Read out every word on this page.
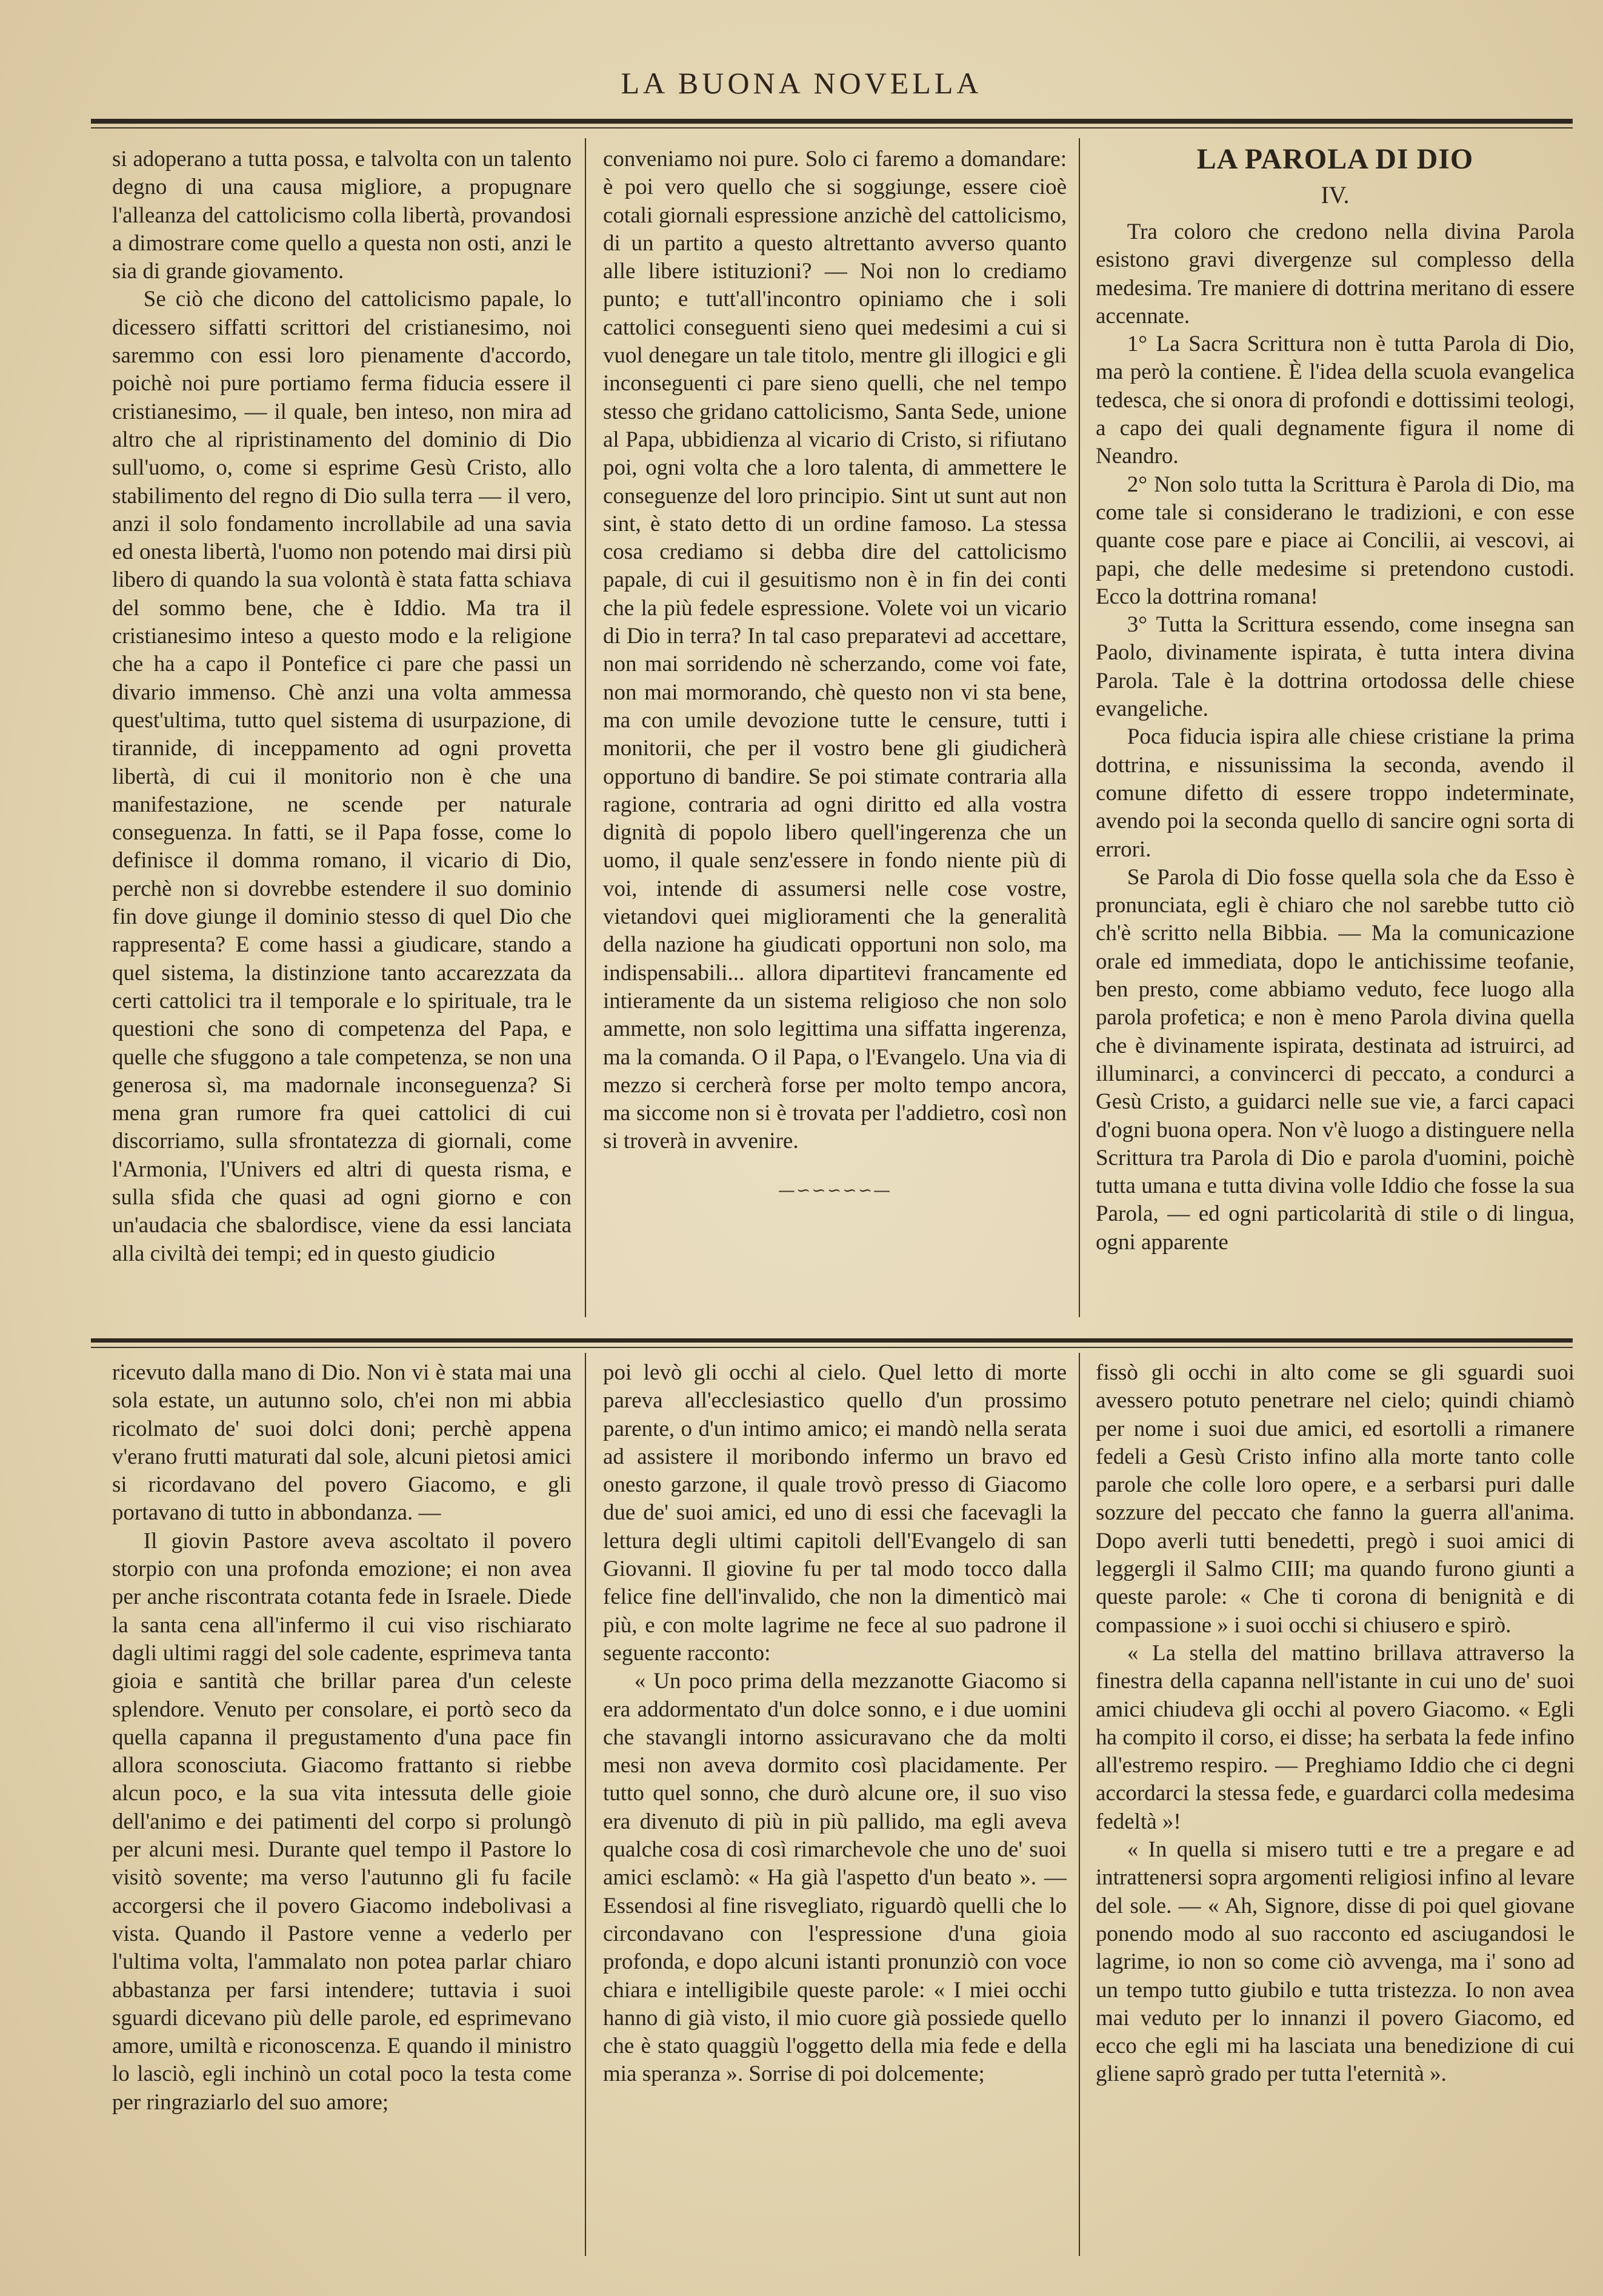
LA BUONA NOVELLA

si adoperano a tutta possa, e talvolta con un talento degno di una causa migliore, a propugnare l'alleanza del cattolicismo colla libertà, provandosi a dimostrare come quello a questa non osti, anzi le sia di grande giovamento.

Se ciò che dicono del cattolicismo papale, lo dicessero siffatti scrittori del cristianesimo, noi saremmo con essi loro pienamente d'accordo, poichè noi pure portiamo ferma fiducia essere il cristianesimo, — il quale, ben inteso, non mira ad altro che al ripristinamento del dominio di Dio sull'uomo, o, come si esprime Gesù Cristo, allo stabilimento del regno di Dio sulla terra — il vero, anzi il solo fondamento incrollabile ad una savia ed onesta libertà, l'uomo non potendo mai dirsi più libero di quando la sua volontà è stata fatta schiava del sommo bene, che è Iddio. Ma tra il cristianesimo inteso a questo modo e la religione che ha a capo il Pontefice ci pare che passi un divario immenso. Chè anzi una volta ammessa quest'ultima, tutto quel sistema di usurpazione, di tirannide, di inceppamento ad ogni provetta libertà, di cui il monitorio non è che una manifestazione, ne scende per naturale conseguenza. In fatti, se il Papa fosse, come lo definisce il domma romano, il vicario di Dio, perchè non si dovrebbe estendere il suo dominio fin dove giunge il dominio stesso di quel Dio che rappresenta? E come hassi a giudicare, stando a quel sistema, la distinzione tanto accarezzata da certi cattolici tra il temporale e lo spirituale, tra le questioni che sono di competenza del Papa, e quelle che sfuggono a tale competenza, se non una generosa sì, ma madornale inconseguenza? Si mena gran rumore fra quei cattolici di cui discorriamo, sulla sfrontatezza di giornali, come l'Armonia, l'Univers ed altri di questa risma, e sulla sfida che quasi ad ogni giorno e con un'audacia che sbalordisce, viene da essi lanciata alla civiltà dei tempi; ed in questo giudicio

conveniamo noi pure. Solo ci faremo a domandare: è poi vero quello che si soggiunge, essere cioè cotali giornali espressione anzichè del cattolicismo, di un partito a questo altrettanto avverso quanto alle libere istituzioni? — Noi non lo crediamo punto; e tutt'all'incontro opiniamo che i soli cattolici conseguenti sieno quei medesimi a cui si vuol denegare un tale titolo, mentre gli illogici e gli inconseguenti ci pare sieno quelli, che nel tempo stesso che gridano cattolicismo, Santa Sede, unione al Papa, ubbidienza al vicario di Cristo, si rifiutano poi, ogni volta che a loro talenta, di ammettere le conseguenze del loro principio. Sint ut sunt aut non sint, è stato detto di un ordine famoso. La stessa cosa crediamo si debba dire del cattolicismo papale, di cui il gesuitismo non è in fin dei conti che la più fedele espressione. Volete voi un vicario di Dio in terra? In tal caso preparatevi ad accettare, non mai sorridendo nè scherzando, come voi fate, non mai mormorando, chè questo non vi sta bene, ma con umile devozione tutte le censure, tutti i monitorii, che per il vostro bene gli giudicherà opportuno di bandire. Se poi stimate contraria alla ragione, contraria ad ogni diritto ed alla vostra dignità di popolo libero quell'ingerenza che un uomo, il quale senz'essere in fondo niente più di voi, intende di assumersi nelle cose vostre, vietandovi quei miglioramenti che la generalità della nazione ha giudicati opportuni non solo, ma indispensabili... allora dipartitevi francamente ed intieramente da un sistema religioso che non solo ammette, non solo legittima una siffatta ingerenza, ma la comanda. O il Papa, o l'Evangelo. Una via di mezzo si cercherà forse per molto tempo ancora, ma siccome non si è trovata per l'addietro, così non si troverà in avvenire.

—∽∽∽∽∽—
LA PAROLA DI DIO
IV.

Tra coloro che credono nella divina Parola esistono gravi divergenze sul complesso della medesima. Tre maniere di dottrina meritano di essere accennate.

1° La Sacra Scrittura non è tutta Parola di Dio, ma però la contiene. È l'idea della scuola evangelica tedesca, che si onora di profondi e dottissimi teologi, a capo dei quali degnamente figura il nome di Neandro.

2° Non solo tutta la Scrittura è Parola di Dio, ma come tale si considerano le tradizioni, e con esse quante cose pare e piace ai Concilii, ai vescovi, ai papi, che delle medesime si pretendono custodi. Ecco la dottrina romana!

3° Tutta la Scrittura essendo, come insegna san Paolo, divinamente ispirata, è tutta intera divina Parola. Tale è la dottrina ortodossa delle chiese evangeliche.

Poca fiducia ispira alle chiese cristiane la prima dottrina, e nissunissima la seconda, avendo il comune difetto di essere troppo indeterminate, avendo poi la seconda quello di sancire ogni sorta di errori.

Se Parola di Dio fosse quella sola che da Esso è pronunciata, egli è chiaro che nol sarebbe tutto ciò ch'è scritto nella Bibbia. — Ma la comunicazione orale ed immediata, dopo le antichissime teofanie, ben presto, come abbiamo veduto, fece luogo alla parola profetica; e non è meno Parola divina quella che è divinamente ispirata, destinata ad istruirci, ad illuminarci, a convincerci di peccato, a condurci a Gesù Cristo, a guidarci nelle sue vie, a farci capaci d'ogni buona opera. Non v'è luogo a distinguere nella Scrittura tra Parola di Dio e parola d'uomini, poichè tutta umana e tutta divina volle Iddio che fosse la sua Parola, — ed ogni particolarità di stile o di lingua, ogni apparente

ricevuto dalla mano di Dio. Non vi è stata mai una sola estate, un autunno solo, ch'ei non mi abbia ricolmato de' suoi dolci doni; perchè appena v'erano frutti maturati dal sole, alcuni pietosi amici si ricordavano del povero Giacomo, e gli portavano di tutto in abbondanza. —

Il giovin Pastore aveva ascoltato il povero storpio con una profonda emozione; ei non avea per anche riscontrata cotanta fede in Israele. Diede la santa cena all'infermo il cui viso rischiarato dagli ultimi raggi del sole cadente, esprimeva tanta gioia e santità che brillar parea d'un celeste splendore. Venuto per consolare, ei portò seco da quella capanna il pregustamento d'una pace fin allora sconosciuta. Giacomo frattanto si riebbe alcun poco, e la sua vita intessuta delle gioie dell'animo e dei patimenti del corpo si prolungò per alcuni mesi. Durante quel tempo il Pastore lo visitò sovente; ma verso l'autunno gli fu facile accorgersi che il povero Giacomo indebolivasi a vista. Quando il Pastore venne a vederlo per l'ultima volta, l'ammalato non potea parlar chiaro abbastanza per farsi intendere; tuttavia i suoi sguardi dicevano più delle parole, ed esprimevano amore, umiltà e riconoscenza. E quando il ministro lo lasciò, egli inchinò un cotal poco la testa come per ringraziarlo del suo amore;

poi levò gli occhi al cielo. Quel letto di morte pareva all'ecclesiastico quello d'un prossimo parente, o d'un intimo amico; ei mandò nella serata ad assistere il moribondo infermo un bravo ed onesto garzone, il quale trovò presso di Giacomo due de' suoi amici, ed uno di essi che facevagli la lettura degli ultimi capitoli dell'Evangelo di san Giovanni. Il giovine fu per tal modo tocco dalla felice fine dell'invalido, che non la dimenticò mai più, e con molte lagrime ne fece al suo padrone il seguente racconto:

« Un poco prima della mezzanotte Giacomo si era addormentato d'un dolce sonno, e i due uomini che stavangli intorno assicuravano che da molti mesi non aveva dormito così placidamente. Per tutto quel sonno, che durò alcune ore, il suo viso era divenuto di più in più pallido, ma egli aveva qualche cosa di così rimarchevole che uno de' suoi amici esclamò: « Ha già l'aspetto d'un beato ». — Essendosi al fine risvegliato, riguardò quelli che lo circondavano con l'espressione d'una gioia profonda, e dopo alcuni istanti pronunziò con voce chiara e intelligibile queste parole: « I miei occhi hanno di già visto, il mio cuore già possiede quello che è stato quaggiù l'oggetto della mia fede e della mia speranza ». Sorrise di poi dolcemente;

fissò gli occhi in alto come se gli sguardi suoi avessero potuto penetrare nel cielo; quindi chiamò per nome i suoi due amici, ed esortolli a rimanere fedeli a Gesù Cristo infino alla morte tanto colle parole che colle loro opere, e a serbarsi puri dalle sozzure del peccato che fanno la guerra all'anima. Dopo averli tutti benedetti, pregò i suoi amici di leggergli il Salmo CIII; ma quando furono giunti a queste parole: « Che ti corona di benignità e di compassione » i suoi occhi si chiusero e spirò.

« La stella del mattino brillava attraverso la finestra della capanna nell'istante in cui uno de' suoi amici chiudeva gli occhi al povero Giacomo. « Egli ha compito il corso, ei disse; ha serbata la fede infino all'estremo respiro. — Preghiamo Iddio che ci degni accordarci la stessa fede, e guardarci colla medesima fedeltà »!

« In quella si misero tutti e tre a pregare e ad intrattenersi sopra argomenti religiosi infino al levare del sole. — « Ah, Signore, disse di poi quel giovane ponendo modo al suo racconto ed asciugandosi le lagrime, io non so come ciò avvenga, ma i' sono ad un tempo tutto giubilo e tutta tristezza. Io non avea mai veduto per lo innanzi il povero Giacomo, ed ecco che egli mi ha lasciata una benedizione di cui gliene saprò grado per tutta l'eternità ».
